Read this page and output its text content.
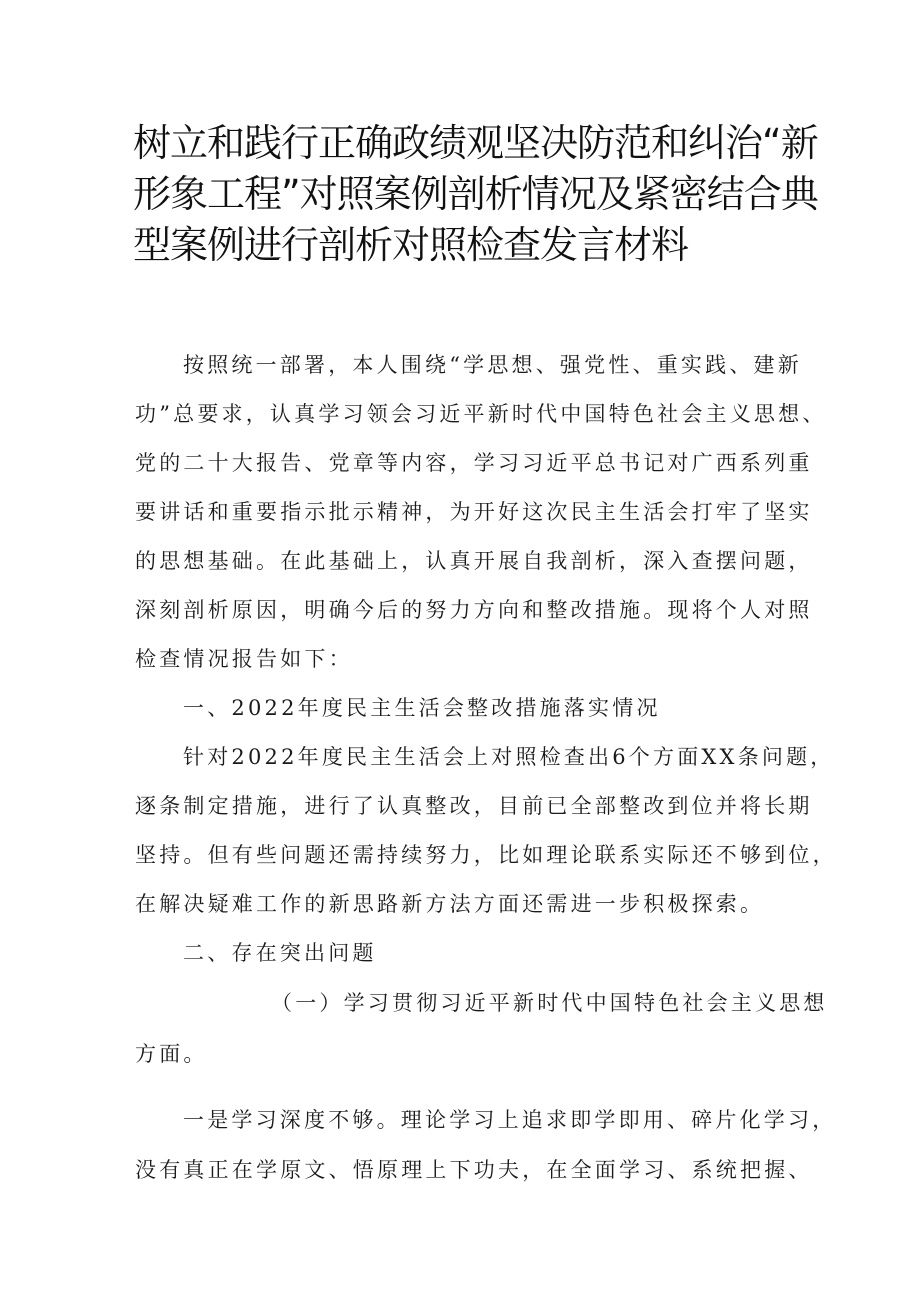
树立和践行正确政绩观坚决防范和纠治“新
形象工程”对照案例剖析情况及紧密结合典
型案例进行剖析对照检查发言材料
按照统一部署，本人围绕“学思想、强党性、重实践、建新
功”总要求，认真学习领会习近平新时代中国特色社会主义思想、
党的二十大报告、党章等内容，学习习近平总书记对广西系列重
要讲话和重要指示批示精神，为开好这次民主生活会打牢了坚实
的思想基础。在此基础上，认真开展自我剖析，深入查摆问题，
深刻剖析原因，明确今后的努力方向和整改措施。现将个人对照
检查情况报告如下：
一、2022年度民主生活会整改措施落实情况
针对2022年度民主生活会上对照检查出6个方面XX条问题，
逐条制定措施，进行了认真整改，目前已全部整改到位并将长期
坚持。但有些问题还需持续努力，比如理论联系实际还不够到位，
在解决疑难工作的新思路新方法方面还需进一步积极探索。
二、存在突出问题
（一）学习贯彻习近平新时代中国特色社会主义思想
方面。
一是学习深度不够。理论学习上追求即学即用、碎片化学习，
没有真正在学原文、悟原理上下功夫，在全面学习、系统把握、
